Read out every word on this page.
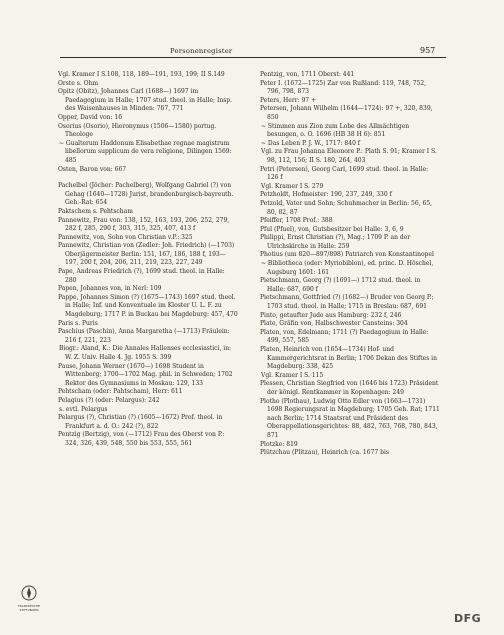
Personenregister	957

Vgl. Kramer I S.108, 118, 189—191, 193, 199; II S.149

Orste s. Ohm

Opitz (Obitz), Johannes Carl (1688—) 1697 im Paedagogium in Halle; 1707 stud. theol. in Halle; Insp. des Waisenhauses in Minden: 767, 771

Opper, David von: 16

Osorius (Osorio), Hieronymus (1506—1580) portug. Theologe

~ Gualterum Haddonum Elisabethae regnae magistrum libellorum supplicum de vera religione, Dilingen 1569: 485

Osten, Baron von: 667

Pachelbel (Jöcher: Pachelberg), Wolfgang Gabriel (?) von Gehag (1640—1728) Jurist, brandenburgisch-bayreuth. Geh.-Rat: 654

Paktschem s. Pehtscham

Pannewitz, Frau von: 138, 152, 163, 193, 206, 252, 279, 282 f, 285, 290 f, 303, 315, 325, 407, 413 f

Pannewitz, von, Sohn von Christian v.P.: 325

Pannewitz, Christian von (Zedler: Joh. Friedrich) (—1703) Oberjägermeister Berlin: 151, 167, 186, 188 f, 193—197, 200 f, 204, 206, 211, 219, 223, 227, 249

Pape, Andreas Friedrich (?), 1699 stud. theol. in Halle: 280

Papen, Johannes von, in Nerl: 109

Pappe, Johannes Simon (?) (1675—1743) 1697 stud. theol. in Halle; Inf. und Konventuale im Kloster U. L. F. zu Magdeburg; 1717 P. in Buckau bei Magdeburg: 457, 470

Paris s. Puris

Paschius (Paschin), Anna Margaretha (—1713) Fräulein: 216 f, 221, 223

Biogr.: Aland, K.: Die Annales Hallenses ecclesiastici, in: W. Z. Univ. Halle 4. Jg. 1955 S. 399

Pause, Johann Werner (1670—) 1698 Student in Wittenberg; 1700—1702 Mag. phil. in Schweden; 1702 Rektor des Gymnasiums in Moskau: 129, 133

Pehtscham (oder: Pahtscham), Herr: 611

Pelagius (?) (oder: Pelargus): 242

s. evtl. Pelargus

Pelargus (?), Christian (?) (1605—1672) Prof. theol. in Frankfurt a. d. O.: 242 (?), 822

Pentzig (Bertzig), von (—1712) Frau des Oberst von P.: 324, 326, 439, 548, 550 bis 553, 555, 561

Pentzig, von, 1711 Oberst: 441

Peter I. (1672—1725) Zar von Rußland: 119, 748, 752, 796, 798, 873

Peters, Herr: 97 +

Petersen, Johann Wilhelm (1644—1724): 97 +, 320, 839, 850

~ Stimmen aus Zion zum Lobe des Allmächtigen besungen, o. O. 1696 (HB 38 H 6): 851

~ Das Leben P. J. W., 1717: 840 f

Vgl. zu Frau Johanna Eleonore P.: Plath S. 91; Kramer I S. 98, 112, 156; II S. 180, 264, 403

Petri (Petersen), Georg Carl, 1699 stud. theol. in Halle: 126 f

Vgl. Kramer I S. 279

Petzholdt, Hofmeister: 190, 237, 249, 330 f

Petzold, Vater und Sohn; Schuhmacher in Berlin: 56, 65, 80, 82, 87

Pfeiffer, 1708 Prof.: 388

Pful (Pfuel), von, Gutsbesitzer bei Halle: 3, 6, 9

Philippi, Ernst Christian (?), Mag.; 1709 P. an der Ulrichskirche in Halle: 259

Photius (um 820—897/898) Patriarch von Konstantinopel

~ Bibliotheca (oder: Myriobiblon), ed. princ. D. Höschel, Augsburg 1601: 161

Pietschmann, Georg (?) (1691—) 1712 stud. theol. in Halle: 687, 690 f

Pietschmann, Gottfried (?) (1682—) Bruder von Georg P.; 1703 stud. theol. in Halle; 1715 in Breslau: 687, 691

Pinto, getaufter Jude aus Hamburg: 232 f, 246

Plate, Gräfin von, Halbschwester Cansteins: 304

Platen, von, Edelmann; 1711 (?) Paedagogium in Halle: 499, 557, 585

Platen, Heinrich von (1654—1734) Hof- und Kammergerichtsrat in Berlin; 1706 Dekan des Stiftes in Magdeburg: 338, 425

Vgl. Kramer I S. 115

Plessen, Christian Siegfried von (1646 bis 1723) Präsident der königl. Rentkammer in Kopenhagen: 249

Plotho (Plothau), Ludwig Otto Edler von (1663—1731) 1698 Regierungsrat in Magdeburg; 1705 Geh. Rat; 1711 nach Berlin; 1714 Staatsrat und Präsident des Oberappellationsgerichtes: 88, 482, 763, 768, 780, 843, 871

Plotzke: 819

Plützchau (Plitzau), Heinrich (ca. 1677 bis

FRANCKESCHE STIFTUNGEN
DFG
